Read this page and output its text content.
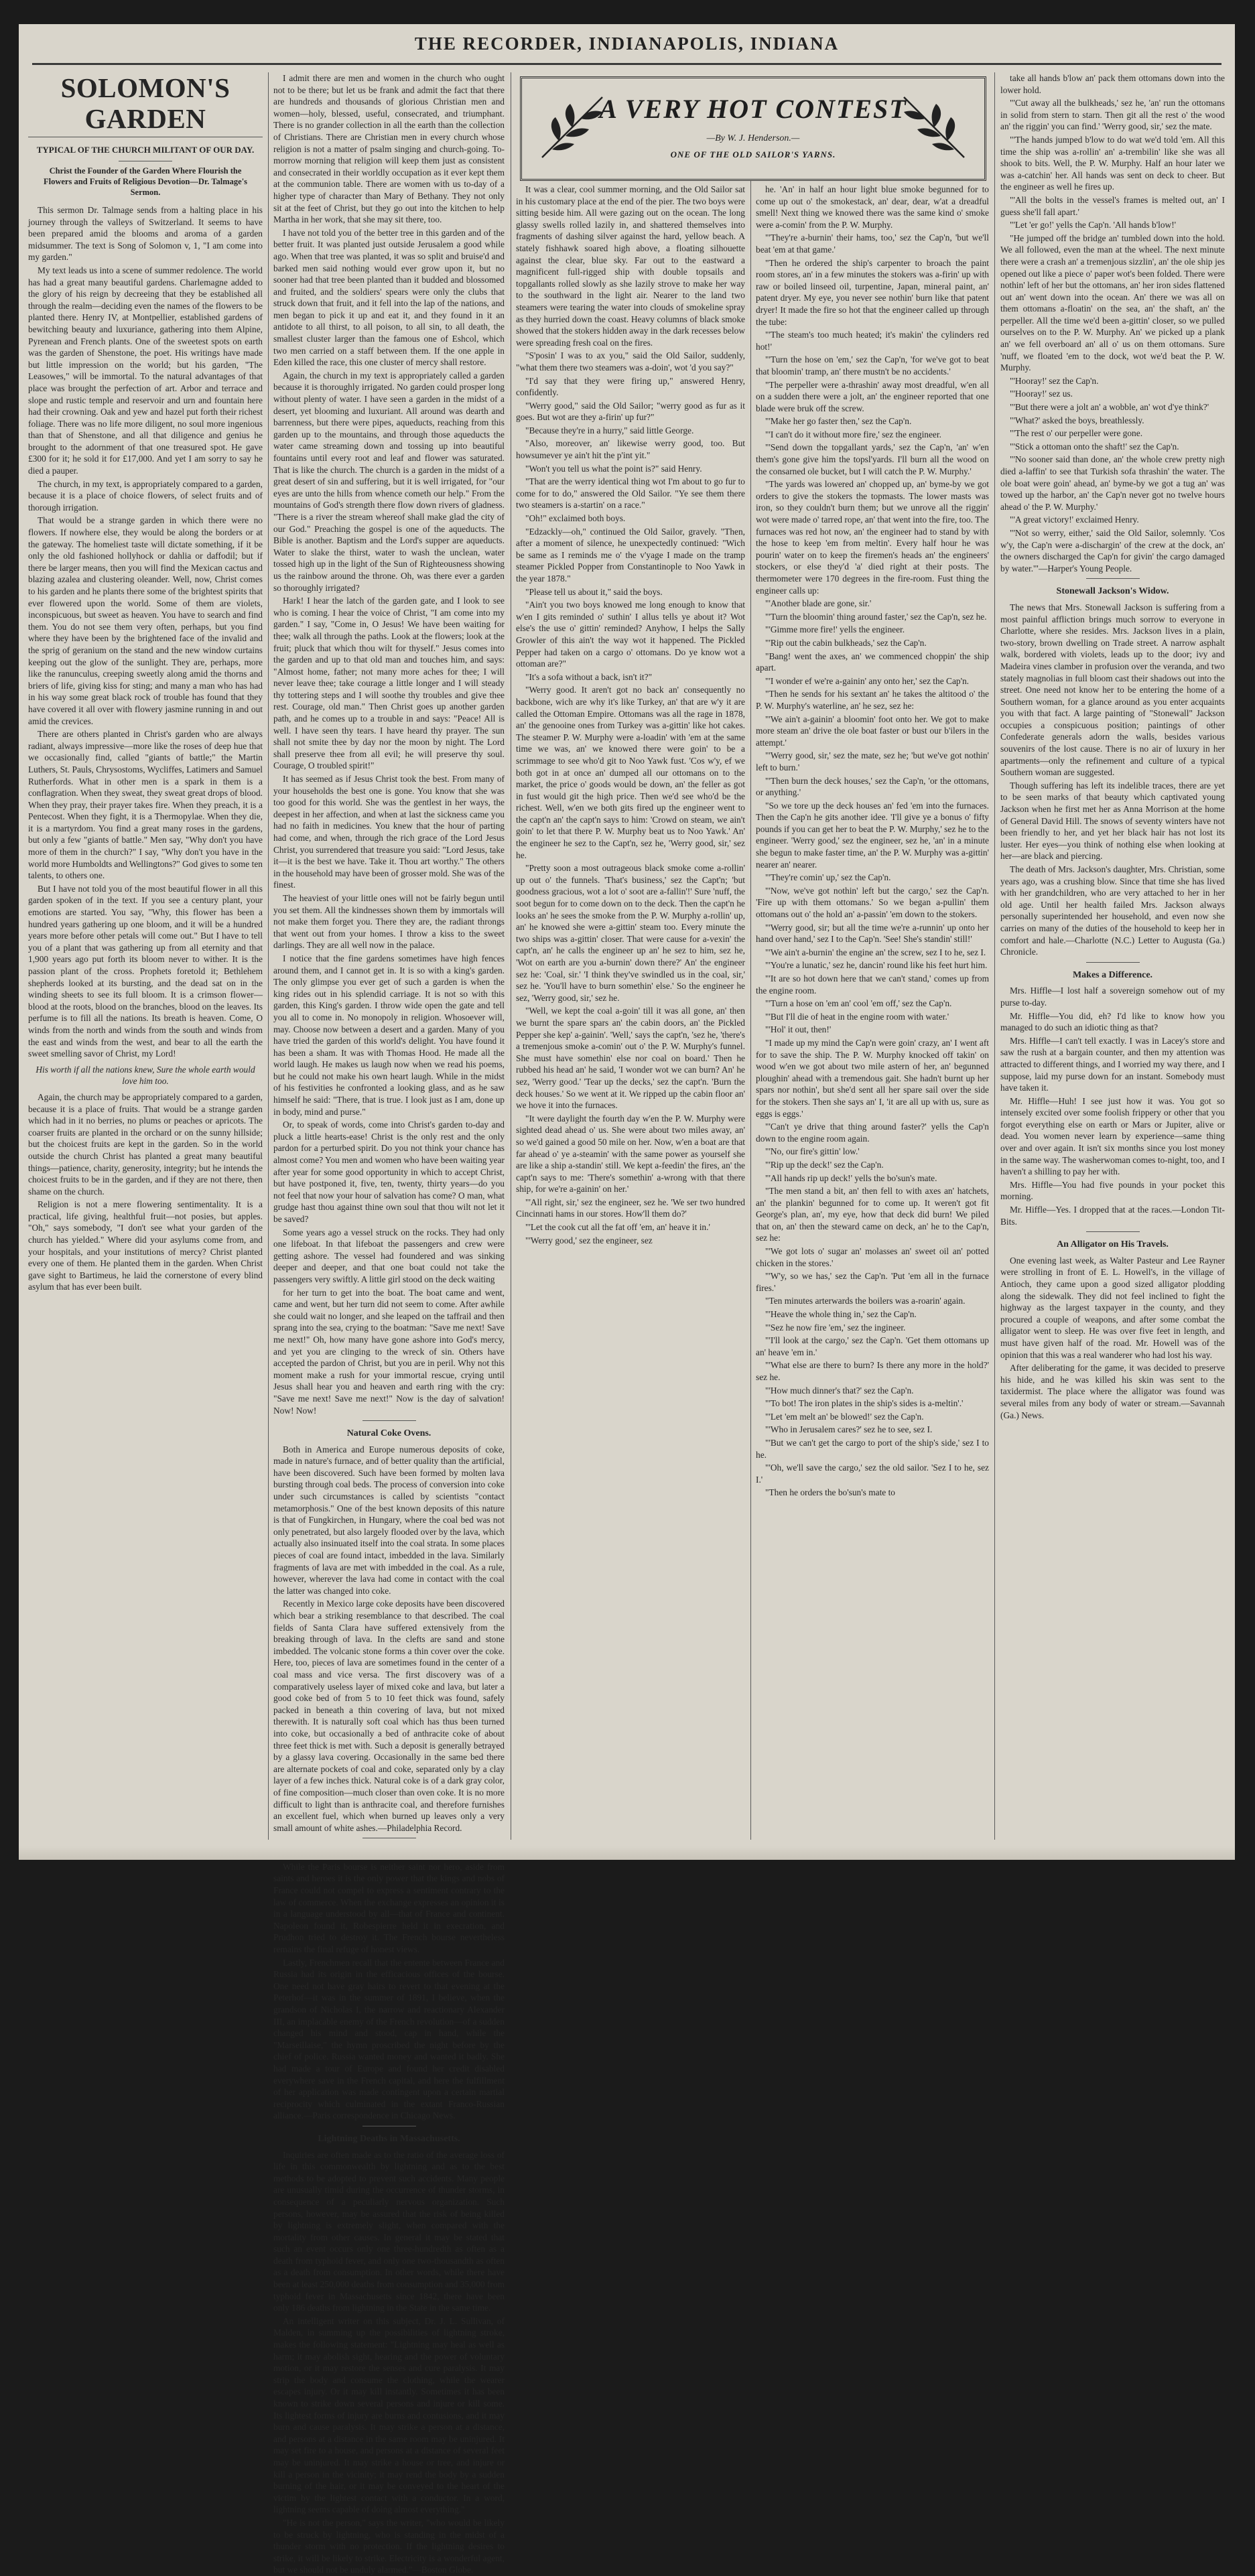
THE RECORDER, INDIANAPOLIS, INDIANA
SOLOMON'S GARDEN
TYPICAL OF THE CHURCH MILITANT OF OUR DAY.
Christ the Founder of the Garden Where Flourish the Flowers and Fruits of Religious Devotion—Dr. Talmage's Sermon.

This sermon Dr. Talmage sends from a halting place in his journey through the valleys of Switzerland. It seems to have been prepared amid the blooms and aroma of a garden midsummer. The text is Song of Solomon v, 1, "I am come into my garden."

My text leads us into a scene of summer redolence. The world has had a great many beautiful gardens. Charlemagne added to the glory of his reign by decreeing that they be established all through the realm—deciding even the names of the flowers to be planted there. Henry IV, at Montpellier, established gardens of bewitching beauty and luxuriance, gathering into them Alpine, Pyrenean and French plants. One of the sweetest spots on earth was the garden of Shenstone, the poet. His writings have made but little impression on the world; but his garden, "The Leasowes," will be immortal. To the natural advantages of that place was brought the perfection of art. Arbor and terrace and slope and rustic temple and reservoir and urn and fountain here had their crowning. Oak and yew and hazel put forth their richest foliage. There was no life more diligent, no soul more ingenious than that of Shenstone, and all that diligence and genius he brought to the adornment of that one treasured spot. He gave £300 for it; he sold it for £17,000. And yet I am sorry to say he died a pauper.

The church, in my text, is appropriately compared to a garden, because it is a place of choice flowers, of select fruits and of thorough irrigation.

That would be a strange garden in which there were no flowers. If nowhere else, they would be along the borders or at the gateway. The homeliest taste will dictate something, if it be only the old fashioned hollyhock or dahlia or daffodil; but if there be larger means, then you will find the Mexican cactus and blazing azalea and clustering oleander. Well, now, Christ comes to his garden and he plants there some of the brightest spirits that ever flowered upon the world. Some of them are violets, inconspicuous, but sweet as heaven. You have to search and find them. You do not see them very often, perhaps, but you find where they have been by the brightened face of the invalid and the sprig of geranium on the stand and the new window curtains keeping out the glow of the sunlight. They are, perhaps, more like the ranunculus, creeping sweetly along amid the thorns and briers of life, giving kiss for sting; and many a man who has had in his way some great black rock of trouble has found that they have covered it all over with flowery jasmine running in and out amid the crevices.

There are others planted in Christ's garden who are always radiant, always impressive—more like the roses of deep hue that we occasionally find, called "giants of battle;" the Martin Luthers, St. Pauls, Chrysostoms, Wycliffes, Latimers and Samuel Rutherfords. What in other men is a spark in them is a conflagration. When they sweat, they sweat great drops of blood. When they pray, their prayer takes fire. When they preach, it is a Pentecost. When they fight, it is a Thermopylae. When they die, it is a martyrdom. You find a great many roses in the gardens, but only a few "giants of battle." Men say, "Why don't you have more of them in the church?" I say, "Why don't you have in the world more Humboldts and Wellingtons?" God gives to some ten talents, to others one.

But I have not told you of the most beautiful flower in all this garden spoken of in the text. If you see a century plant, your emotions are started. You say, "Why, this flower has been a hundred years gathering up one bloom, and it will be a hundred years more before other petals will come out." But I have to tell you of a plant that was gathering up from all eternity and that 1,900 years ago put forth its bloom never to wither. It is the passion plant of the cross. Prophets foretold it; Bethlehem shepherds looked at its bursting, and the dead sat on in the winding sheets to see its full bloom. It is a crimson flower—blood at the roots, blood on the branches, blood on the leaves. Its perfume is to fill all the nations. Its breath is heaven. Come, O winds from the north and winds from the south and winds from the east and winds from the west, and bear to all the earth the sweet smelling savor of Christ, my Lord!

His worth if all the nations knew, Sure the whole earth would love him too.

Again, the church may be appropriately compared to a garden, because it is a place of fruits. That would be a strange garden which had in it no berries, no plums or peaches or apricots. The coarser fruits are planted in the orchard or on the sunny hillside; but the choicest fruits are kept in the garden. So in the world outside the church Christ has planted a great many beautiful things—patience, charity, generosity, integrity; but he intends the choicest fruits to be in the garden, and if they are not there, then shame on the church.

Religion is not a mere flowering sentimentality. It is a practical, life giving, healthful fruit—not posies, but apples. "Oh," says somebody, "I don't see what your garden of the church has yielded." Where did your asylums come from, and your hospitals, and your institutions of mercy? Christ planted every one of them. He planted them in the garden. When Christ gave sight to Bartimeus, he laid the cornerstone of every blind asylum that has ever been built.

I admit there are men and women in the church who ought not to be there; but let us be frank and admit the fact that there are hundreds and thousands of glorious Christian men and women—holy, blessed, useful, consecrated, and triumphant. There is no grander collection in all the earth than the collection of Christians. There are Christian men in every church whose religion is not a matter of psalm singing and church-going. To-morrow morning that religion will keep them just as consistent and consecrated in their worldly occupation as it ever kept them at the communion table. There are women with us to-day of a higher type of character than Mary of Bethany. They not only sit at the feet of Christ, but they go out into the kitchen to help Martha in her work, that she may sit there, too.

I have not told you of the better tree in this garden and of the better fruit. It was planted just outside Jerusalem a good while ago. When that tree was planted, it was so split and bruise'd and barked men said nothing would ever grow upon it, but no sooner had that tree been planted than it budded and blossomed and fruited, and the soldiers' spears were only the clubs that struck down that fruit, and it fell into the lap of the nations, and men began to pick it up and eat it, and they found in it an antidote to all thirst, to all poison, to all sin, to all death, the smallest cluster larger than the famous one of Eshcol, which two men carried on a staff between them. If the one apple in Eden killed the race, this one cluster of mercy shall restore.

Again, the church in my text is appropriately called a garden because it is thoroughly irrigated. No garden could prosper long without plenty of water. I have seen a garden in the midst of a desert, yet blooming and luxuriant. All around was dearth and barrenness, but there were pipes, aqueducts, reaching from this garden up to the mountains, and through those aqueducts the water came streaming down and tossing up into beautiful fountains until every root and leaf and flower was saturated. That is like the church. The church is a garden in the midst of a great desert of sin and suffering, but it is well irrigated, for "our eyes are unto the hills from whence cometh our help." From the mountains of God's strength there flow down rivers of gladness. "There is a river the stream whereof shall make glad the city of our God." Preaching the gospel is one of the aqueducts. The Bible is another. Baptism and the Lord's supper are aqueducts. Water to slake the thirst, water to wash the unclean, water tossed high up in the light of the Sun of Righteousness showing us the rainbow around the throne. Oh, was there ever a garden so thoroughly irrigated?

Hark! I hear the latch of the garden gate, and I look to see who is coming. I hear the voice of Christ, "I am come into my garden." I say, "Come in, O Jesus! We have been waiting for thee; walk all through the paths. Look at the flowers; look at the fruit; pluck that which thou wilt for thyself." Jesus comes into the garden and up to that old man and touches him, and says: "Almost home, father; not many more aches for thee; I will never leave thee; take courage a little longer and I will steady thy tottering steps and I will soothe thy troubles and give thee rest. Courage, old man." Then Christ goes up another garden path, and he comes up to a trouble in and says: "Peace! All is well. I have seen thy tears. I have heard thy prayer. The sun shall not smite thee by day nor the moon by night. The Lord shall preserve thee from all evil; he will preserve thy soul. Courage, O troubled spirit!"

It has seemed as if Jesus Christ took the best. From many of your households the best one is gone. You know that she was too good for this world. She was the gentlest in her ways, the deepest in her affection, and when at last the sickness came you had no faith in medicines. You knew that the hour of parting had come, and when, through the rich grace of the Lord Jesus Christ, you surrendered that treasure you said: "Lord Jesus, take it—it is the best we have. Take it. Thou art worthy." The others in the household may have been of grosser mold. She was of the finest.

The heaviest of your little ones will not be fairly begun until you set them. All the kindnesses shown them by immortals will not make them forget you. There they are, the radiant throngs that went out from your homes. I throw a kiss to the sweet darlings. They are all well now in the palace.

I notice that the fine gardens sometimes have high fences around them, and I cannot get in. It is so with a king's garden. The only glimpse you ever get of such a garden is when the king rides out in his splendid carriage. It is not so with this garden, this King's garden. I throw wide open the gate and tell you all to come in. No monopoly in religion. Whosoever will, may. Choose now between a desert and a garden. Many of you have tried the garden of this world's delight. You have found it has been a sham. It was with Thomas Hood. He made all the world laugh. He makes us laugh now when we read his poems, but he could not make his own heart laugh. While in the midst of his festivities he confronted a looking glass, and as he saw himself he said: "There, that is true. I look just as I am, done up in body, mind and purse."

Or, to speak of words, come into Christ's garden to-day and pluck a little hearts-ease! Christ is the only rest and the only pardon for a perturbed spirit. Do you not think your chance has almost come? You men and women who have been waiting year after year for some good opportunity in which to accept Christ, but have postponed it, five, ten, twenty, thirty years—do you not feel that now your hour of salvation has come? O man, what grudge hast thou against thine own soul that thou wilt not let it be saved?

Some years ago a vessel struck on the rocks. They had only one lifeboat. In that lifeboat the passengers and crew were getting ashore. The vessel had foundered and was sinking deeper and deeper, and that one boat could not take the passengers very swiftly. A little girl stood on the deck waiting

for her turn to get into the boat. The boat came and went, came and went, but her turn did not seem to come. After awhile she could wait no longer, and she leaped on the taffrail and then sprang into the sea, crying to the boatman: "Save me next! Save me next!" Oh, how many have gone ashore into God's mercy, and yet you are clinging to the wreck of sin. Others have accepted the pardon of Christ, but you are in peril. Why not this moment make a rush for your immortal rescue, crying until Jesus shall hear you and heaven and earth ring with the cry: "Save me next! Save me next!" Now is the day of salvation! Now! Now!

Natural Coke Ovens.

Both in America and Europe numerous deposits of coke, made in nature's furnace, and of better quality than the artificial, have been discovered. Such have been formed by molten lava bursting through coal beds. The process of conversion into coke under such circumstances is called by scientists "contact metamorphosis." One of the best known deposits of this nature is that of Fungkirchen, in Hungary, where the coal bed was not only penetrated, but also largely flooded over by the lava, which actually also insinuated itself into the coal strata. In some places pieces of coal are found intact, imbedded in the lava. Similarly fragments of lava are met with imbedded in the coal. As a rule, however, wherever the lava had come in contact with the coal the latter was changed into coke.

Recently in Mexico large coke deposits have been discovered which bear a striking resemblance to that described. The coal fields of Santa Clara have suffered extensively from the breaking through of lava. In the clefts are sand and stone imbedded. The volcanic stone forms a thin cover over the coke. Here, too, pieces of lava are sometimes found in the center of a coal mass and vice versa. The first discovery was of a comparatively useless layer of mixed coke and lava, but later a good coke bed of from 5 to 10 feet thick was found, safely packed in beneath a thin covering of lava, but not mixed therewith. It is naturally soft coal which has thus been turned into coke, but occasionally a bed of anthracite coke of about three feet thick is met with. Such a deposit is generally betrayed by a glassy lava covering. Occasionally in the same bed there are alternate pockets of coal and coke, separated only by a clay layer of a few inches thick. Natural coke is of a dark gray color, of fine composition—much closer than oven coke. It is no more difficult to light than is anthracite coal, and therefore furnishes an excellent fuel, which when burned up leaves only a very small amount of white ashes.—Philadelphia Record.

While the Paris bourse is neither saint nor hero, aside from saints and heroes it is the only power that the kings and nobs of France could not compel to express a sentiment contrary to the law of commerce. When the exchange expresses an opinion it is in a language understood by all—that of France and continent. Napoleon found it, Robespierre held it in execration, and Prudhon tried to destroy it. The French bourse nevertheless remains the final refuge of honest views.

Lastly, Frenchmen recall that the entente between France and Russia had its origin in the efficacious offices of the bourse. One need not have gray hairs to revert to that evening at the Peterhof—it was in the summer of 1891, I believe, when the grandson of Nicholas I, the narrow and reactionary Alexander III, an implacable enemy of the French revolution—of a sudden changed his mind and stood, cap in hand, while the "Marseillaise," the hymn proscribed the night before by the chief of police. Russia wanted money and wanted it badly. She had made a tour of Europe and found her credit disabled everywhere save in the French capital, and here the fulfillment of her application was made contingent upon a certain martial reciprocity which culminated in the extant Franco-Russian alliance.—Paris correspondence in Chicago News.

Lightning Deaths in Massachusetts.

Inquiries are often made as to the ratio of the average loss of life in this commonwealth by lightning and as to the best methods to be adopted to prevent such accidents. Many people are unusually timid during the occurrence of thunder storms, in consequence of a peculiarly nervous organization. Such persons, however, may be assured that the risk of being killed by lightning is extremely slight, when compared with the mortality from other causes. In general it may be stated that such an event occurs only one three-hundredth as often as a death from typhoid fever, and only one two-thousandth as often as a death from consumption. In other words, while there have been at least 250,000 deaths from consumption and 35,000 from typhoid fever in Massachusetts since 1842, there have been only 186 deaths from lightning in the State in the same time.

An intelligent writer on this subject, Dr. J. L. Sullivan, of Malden, in summing up the possibilities of lightning stroke, makes the following statement: "Lightning may heal as well as harm; it may abolish sight, hearing and the power of voluntary motion, or it may restore the senses and cure paralysis. It may strip the body and consume the clothing, while the wearer escapes injury. Or it may kill instantly. Sometimes it has been known to strike down several persons and injure or kill some. Its lightest forms of injury are burns and contusions, and it may burn and cause paralysis. It may strike a person at a distance, and persons at a distance in the same room may be uninjured. It may set fire to a house, and persons at a distance of several feet may be uninjured. It may strike a house or tree, and injure or kill a person in the vicinity; it may rend the body by a sudden burning of the hair, or it may be conveyed to the heart of the victim by the lightest contact with a conductor. In a word, lightning seems capable of doing almost everything."

"He is not the person," says the writer, "who would be likely to be struck by lightning, who is standing in the midst of a thunder storm with no protection. If the lightning desires to strike, it will be likely to strike. Electricity is a wonderful agent, but we should not be unduly alarmed."—Boston Globe.

A VERY HOT CONTEST
—By W. J. Henderson.—
ONE OF THE OLD SAILOR'S YARNS.

It was a clear, cool summer morning, and the Old Sailor sat in his customary place at the end of the pier. The two boys were sitting beside him. All were gazing out on the ocean. The long glassy swells rolled lazily in, and shattered themselves into fragments of dashing silver against the hard, yellow beach. A stately fishhawk soared high above, a floating silhouette against the clear, blue sky. Far out to the eastward a magnificent full-rigged ship with double topsails and topgallants rolled slowly as she lazily strove to make her way to the southward in the light air. Nearer to the land two steamers were tearing the water into clouds of smokeline spray as they hurried down the coast. Heavy columns of black smoke showed that the stokers hidden away in the dark recesses below were spreading fresh coal on the fires.

"S'posin' I was to ax you," said the Old Sailor, suddenly, "what them there two steamers was a-doin', wot 'd you say?"

"I'd say that they were firing up," answered Henry, confidently.

"Werry good," said the Old Sailor; "werry good as fur as it goes. But wot are they a-firin' up fur?"

"Because they're in a hurry," said little George.

"Also, moreover, an' likewise werry good, too. But howsumever ye ain't hit the p'int yit."

"Won't you tell us what the point is?" said Henry.

"That are the werry identical thing wot I'm about to go fur to come for to do," answered the Old Sailor. "Ye see them there two steamers is a-startin' on a race."

"Oh!" exclaimed both boys.

"Edzackly—oh," continued the Old Sailor, gravely. "Then, after a moment of silence, he unexpectedly continued: "Wich be same as I reminds me o' the v'yage I made on the tramp steamer Pickled Popper from Constantinople to Noo Yawk in the year 1878."

"Please tell us about it," said the boys.

"Ain't you two boys knowed me long enough to know that w'en I gits reminded o' suthin' I allus tells ye about it? Wot else's the use o' gittin' reminded? Anyhow, I helps the Sally Growler of this ain't the way wot it happened. The Pickled Pepper had taken on a cargo o' ottomans. Do ye know wot a ottoman are?"

"It's a sofa without a back, isn't it?"

"Werry good. It aren't got no back an' consequently no backbone, wich are why it's like Turkey, an' that are w'y it are called the Ottoman Empire. Ottomans was all the rage in 1878, an' the genooine ones from Turkey was a-gittin' like hot cakes. The steamer P. W. Murphy were a-loadin' with 'em at the same time we was, an' we knowed there were goin' to be a scrimmage to see who'd git to Noo Yawk fust. 'Cos w'y, ef we both got in at once an' dumped all our ottomans on to the market, the price o' goods would be down, an' the feller as got in fust would git the high price. Then we'd see who'd be the richest. Well, w'en we both gits fired up the engineer went to the capt'n an' the capt'n says to him: 'Crowd on steam, we ain't goin' to let that there P. W. Murphy beat us to Noo Yawk.' An' the engineer he sez to the Capt'n, sez he, 'Werry good, sir,' sez he.

"Pretty soon a most outrageous black smoke come a-rollin' up out o' the funnels. 'That's business,' sez the Capt'n; 'but goodness gracious, wot a lot o' soot are a-fallin'!' Sure 'nuff, the soot begun for to come down on to the deck. Then the capt'n he looks an' he sees the smoke from the P. W. Murphy a-rollin' up, an' he knowed she were a-gittin' steam too. Every minute the two ships was a-gittin' closer. That were cause for a-vexin' the capt'n, an' he calls the engineer up an' he sez to him, sez he, 'Wot on earth are you a-burnin' down there?' An' the engineer sez he: 'Coal, sir.' 'I think they've swindled us in the coal, sir,' sez he. 'You'll have to burn somethin' else.' So the engineer he sez, 'Werry good, sir,' sez he.

"Well, we kept the coal a-goin' till it was all gone, an' then we burnt the spare spars an' the cabin doors, an' the Pickled Pepper she kep' a-gainin'. 'Well,' says the capt'n, 'sez he, 'there's a tremenjous smoke a-comin' out o' the P. W. Murphy's funnel. She must have somethin' else nor coal on board.' Then he rubbed his head an' he said, 'I wonder wot we can burn? An' he sez, 'Werry good.' 'Tear up the decks,' sez the capt'n. 'Burn the deck houses.' So we went at it. We ripped up the cabin floor an' we hove it into the furnaces.

"It were daylight the fourth day w'en the P. W. Murphy were sighted dead ahead o' us. She were about two miles away, an' so we'd gained a good 50 mile on her. Now, w'en a boat are that far ahead o' ye a-steamin' with the same power as yourself she are like a ship a-standin' still. We kept a-feedin' the fires, an' the capt'n says to me: 'There's somethin' a-wrong with that there ship, for we're a-gainin' on her.'

"'All right, sir,' sez the engineer, sez he. 'We ser two hundred Cincinnati hams in our stores. How'll them do?'

"'Let the cook cut all the fat off 'em, an' heave it in.'

"'Werry good,' sez the engineer, sez

he. 'An' in half an hour light blue smoke begunned for to come up out o' the smokestack, an' dear, dear, w'at a dreadful smell! Next thing we knowed there was the same kind o' smoke were a-comin' from the P. W. Murphy.

"'They're a-burnin' their hams, too,' sez the Cap'n, 'but we'll beat 'em at that game.'

"Then he ordered the ship's carpenter to broach the paint room stores, an' in a few minutes the stokers was a-firin' up with raw or boiled linseed oil, turpentine, Japan, mineral paint, an' patent dryer. My eye, you never see nothin' burn like that patent dryer! It made the fire so hot that the engineer called up through the tube:

"'The steam's too much heated; it's makin' the cylinders red hot!'

"'Turn the hose on 'em,' sez the Cap'n, 'for we've got to beat that bloomin' tramp, an' there mustn't be no accidents.'

"The perpeller were a-thrashin' away most dreadful, w'en all on a sudden there were a jolt, an' the engineer reported that one blade were bruk off the screw.

"'Make her go faster then,' sez the Cap'n.

"'I can't do it without more fire,' sez the engineer.

"'Send down the topgallant yards,' sez the Cap'n, 'an' w'en them's gone give him the topsl'yards. I'll burn all the wood on the consarned ole bucket, but I will catch the P. W. Murphy.'

"The yards was lowered an' chopped up, an' byme-by we got orders to give the stokers the topmasts. The lower masts was iron, so they couldn't burn them; but we unrove all the riggin' wot were made o' tarred rope, an' that went into the fire, too. The furnaces was red hot now, an' the engineer had to stand by with the hose to keep 'em from meltin'. Every half hour he was pourin' water on to keep the firemen's heads an' the engineers' stockers, or else they'd 'a' died right at their posts. The thermometer were 170 degrees in the fire-room. Fust thing the engineer calls up:

"'Another blade are gone, sir.'

"'Turn the bloomin' thing around faster,' sez the Cap'n, sez he.

"'Gimme more fire!' yells the engineer.

"'Rip out the cabin bulkheads,' sez the Cap'n.

"Bang! went the axes, an' we commenced choppin' the ship apart.

"'I wonder ef we're a-gainin' any onto her,' sez the Cap'n.

"Then he sends for his sextant an' he takes the altitood o' the P. W. Murphy's waterline, an' he sez, sez he:

"'We ain't a-gainin' a bloomin' foot onto her. We got to make more steam an' drive the ole boat faster or bust our b'ilers in the attempt.'

"'Werry good, sir,' sez the mate, sez he; 'but we've got nothin' left to burn.'

"'Then burn the deck houses,' sez the Cap'n, 'or the ottomans, or anything.'

"So we tore up the deck houses an' fed 'em into the furnaces. Then the Cap'n he gits another idee. 'I'll give ye a bonus o' fifty pounds if you can get her to beat the P. W. Murphy,' sez he to the engineer. 'Werry good,' sez the engineer, sez he, 'an' in a minute she begun to make faster time, an' the P. W. Murphy was a-gittin' nearer an' nearer.

"'They're comin' up,' sez the Cap'n.

"'Now, we've got nothin' left but the cargo,' sez the Cap'n. 'Fire up with them ottomans.' So we began a-pullin' them ottomans out o' the hold an' a-passin' 'em down to the stokers.

"'Werry good, sir; but all the time we're a-runnin' up onto her hand over hand,' sez I to the Cap'n. 'See! She's standin' still!'

"'We ain't a-burnin' the engine an' the screw, sez I to he, sez I.

"'You're a lunatic,' sez he, dancin' round like his feet hurt him.

"'It are so hot down here that we can't stand,' comes up from the engine room.

"'Turn a hose on 'em an' cool 'em off,' sez the Cap'n.

"'But I'll die of heat in the engine room with water.'

"'Hol' it out, then!'

"I made up my mind the Cap'n were goin' crazy, an' I went aft for to save the ship. The P. W. Murphy knocked off takin' on wood w'en we got about two mile astern of her, an' begunned ploughin' ahead with a tremendous gait. She hadn't burnt up her spars nor nothin', but she'd sent all her spare sail over the side for the stokers. Then she says an' I, 'it are all up with us, sure as eggs is eggs.'

"'Can't ye drive that thing around faster?' yells the Cap'n down to the engine room again.

"'No, our fire's gittin' low.'

"'Rip up the deck!' sez the Cap'n.

"'All hands rip up deck!' yells the bo'sun's mate.

"The men stand a bit, an' then fell to with axes an' hatchets, an' the plankin' begunned for to come up. It weren't got fit George's plan, an', my eye, how that deck did burn! We piled that on, an' then the steward came on deck, an' he to the Cap'n, sez he:

"'We got lots o' sugar an' molasses an' sweet oil an' potted chicken in the stores.'

"'W'y, so we has,' sez the Cap'n. 'Put 'em all in the furnace fires.'

"Ten minutes arterwards the boilers was a-roarin' again.

"'Heave the whole thing in,' sez the Cap'n.

"'Sez he now fire 'em,' sez the ingineer.

"'I'll look at the cargo,' sez the Cap'n. 'Get them ottomans up an' heave 'em in.'

"'What else are there to burn? Is there any more in the hold?' sez he.

"'How much dinner's that?' sez the Cap'n.

"'To bot! The iron plates in the ship's sides is a-meltin'.'

"'Let 'em melt an' be blowed!' sez the Cap'n.

"'Who in Jerusalem cares?' sez he to see, sez I.

"'But we can't get the cargo to port of the ship's side,' sez I to he.

"'Oh, we'll save the cargo,' sez the old sailor. 'Sez I to he, sez I.'

"Then he orders the bo'sun's mate to

take all hands b'low an' pack them ottomans down into the lower hold.

"'Cut away all the bulkheads,' sez he, 'an' run the ottomans in solid from stern to starn. Then git all the rest o' the wood an' the riggin' you can find.' 'Werry good, sir,' sez the mate.

"'The hands jumped b'low to do wat we'd told 'em. All this time the ship was a-rollin' an' a-trembilin' like she was all shook to bits. Well, the P. W. Murphy. Half an hour later we was a-catchin' her. All hands was sent on deck to cheer. But the engineer as well he fires up.

"'All the bolts in the vessel's frames is melted out, an' I guess she'll fall apart.'

"'Let 'er go!' yells the Cap'n. 'All hands b'low!'

"He jumped off the bridge an' tumbled down into the hold. We all followed, even the man at the wheel. The next minute there were a crash an' a tremenjous sizzlin', an' the ole ship jes opened out like a piece o' paper wot's been folded. There were nothin' left of her but the ottomans, an' her iron sides flattened out an' went down into the ocean. An' there we was all on them ottomans a-floatin' on the sea, an' the shaft, an' the perpeller. All the time we'd been a-gittin' closer, so we pulled ourselves on to the P. W. Murphy. An' we picked up a plank an' we fell overboard an' all o' us on them ottomans. Sure 'nuff, we floated 'em to the dock, wot we'd beat the P. W. Murphy.

"'Hooray!' sez the Cap'n.

"'Hooray!' sez us.

"'But there were a jolt an' a wobble, an' wot d'ye think?'

"'What?' asked the boys, breathlessly.

"'The rest o' our perpeller were gone.

"'Stick a ottoman onto the shaft!' sez the Cap'n.

"'No sooner said than done, an' the whole crew pretty nigh died a-laffin' to see that Turkish sofa thrashin' the water. The ole boat were goin' ahead, an' byme-by we got a tug an' was towed up the harbor, an' the Cap'n never got no twelve hours ahead o' the P. W. Murphy.'

"'A great victory!' exclaimed Henry.

"'Not so werry, either,' said the Old Sailor, solemnly. 'Cos w'y, the Cap'n were a-dischargin' of the crew at the dock, an' the owners discharged the Cap'n for givin' the cargo damaged by water.'"—Harper's Young People.

Stonewall Jackson's Widow.

The news that Mrs. Stonewall Jackson is suffering from a most painful affliction brings much sorrow to everyone in Charlotte, where she resides. Mrs. Jackson lives in a plain, two-story, brown dwelling on Trade street. A narrow asphalt walk, bordered with violets, leads up to the door; ivy and Madeira vines clamber in profusion over the veranda, and two stately magnolias in full bloom cast their shadows out into the street. One need not know her to be entering the home of a Southern woman, for a glance around as you enter acquaints you with that fact. A large painting of "Stonewall" Jackson occupies a conspicuous position; paintings of other Confederate generals adorn the walls, besides various souvenirs of the lost cause. There is no air of luxury in her apartments—only the refinement and culture of a typical Southern woman are suggested.

Though suffering has left its indelible traces, there are yet to be seen marks of that beauty which captivated young Jackson when he first met her as Anna Morrison at the home of General David Hill. The snows of seventy winters have not been friendly to her, and yet her black hair has not lost its luster. Her eyes—you think of nothing else when looking at her—are black and piercing.

The death of Mrs. Jackson's daughter, Mrs. Christian, some years ago, was a crushing blow. Since that time she has lived with her grandchildren, who are very attached to her in her old age. Until her health failed Mrs. Jackson always personally superintended her household, and even now she carries on many of the duties of the household to keep her in comfort and hale.—Charlotte (N.C.) Letter to Augusta (Ga.) Chronicle.

Makes a Difference.

Mrs. Hiffle—I lost half a sovereign somehow out of my purse to-day.

Mr. Hiffle—You did, eh? I'd like to know how you managed to do such an idiotic thing as that?

Mrs. Hiffle—I can't tell exactly. I was in Lacey's store and saw the rush at a bargain counter, and then my attention was attracted to different things, and I worried my way there, and I suppose, laid my purse down for an instant. Somebody must have taken it.

Mr. Hiffle—Huh! I see just how it was. You got so intensely excited over some foolish frippery or other that you forgot everything else on earth or Mars or Jupiter, alive or dead. You women never learn by experience—same thing over and over again. It isn't six months since you lost money in the same way. The washerwoman comes to-night, too, and I haven't a shilling to pay her with.

Mrs. Hiffle—You had five pounds in your pocket this morning.

Mr. Hiffle—Yes. I dropped that at the races.—London Tit-Bits.

An Alligator on His Travels.

One evening last week, as Walter Pasteur and Lee Rayner were strolling in front of E. L. Howell's, in the village of Antioch, they came upon a good sized alligator plodding along the sidewalk. They did not feel inclined to fight the highway as the largest taxpayer in the county, and they procured a couple of weapons, and after some combat the alligator went to sleep. He was over five feet in length, and must have given half of the road. Mr. Howell was of the opinion that this was a real wanderer who had lost his way.

After deliberating for the game, it was decided to preserve his hide, and he was killed his skin was sent to the taxidermist. The place where the alligator was found was several miles from any body of water or stream.—Savannah (Ga.) News.
